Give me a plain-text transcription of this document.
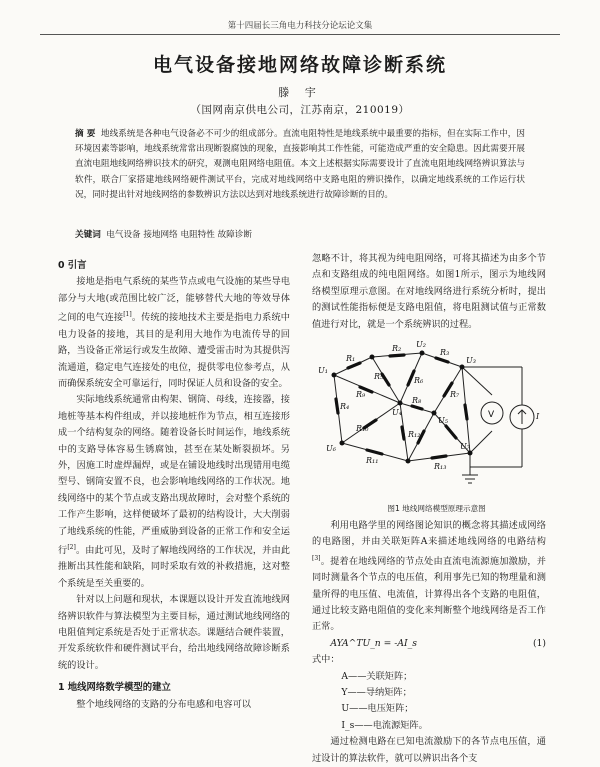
第十四届长三角电力科技分论坛论文集
电气设备接地网络故障诊断系统
滕 宇
（国网南京供电公司，江苏南京，210019）
摘 要 地线系统是各种电气设备必不可少的组成部分。直流电阻特性是地线系统中最重要的指标，但在实际工作中，因环境因素等影响，地线系统常常出现断裂腐蚀的现象，直接影响其工作性能，可能造成严重的安全隐患。因此需要开展直流电阻地线网络辨识技术的研究，观测电阻网络电阻值。本文上述根据实际需要设计了直流电阻地线网络辨识算法与软件，联合厂家搭建地线网络硬件测试平台，完成对地线网络中支路电阻的辨识操作，以确定地线系统的工作运行状况，同时提出针对地线网络的参数辨识方法以达到对地线系统进行故障诊断的目的。
关键词 电气设备 接地网络 电阻特性 故障诊断

0 引言

接地是指电气系统的某些节点或电气设施的某些导电部分与大地(或范围比较广泛，能够替代大地的等效导体之间的电气连接[1]。传统的接地技术主要是指电力系统中电力设备的接地，其目的是利用大地作为电流传导的回路，当设备正常运行或发生故障、遭受雷击时为其提供泻流通道，稳定电气连接处的电位，提供零电位参考点，从而确保系统安全可靠运行，同时保证人员和设备的安全。

实际地线系统通常由构架、钢筒、母线，连接器，接地桩等基本构件组成，并以接地桩作为节点，相互连接形成一个结构复杂的网络。随着设备长时间运作，地线系统中的支路导体容易生锈腐蚀，甚至在某处断裂损坏。另外，因施工时虚焊漏焊，或是在铺设地线时出现错用电缆型号、钢筒安置不良，也会影响地线网络的工作状况。地线网络中的某个节点或支路出现故障时，会对整个系统的工作产生影响，这样便破坏了最初的结构设计，大大削弱了地线系统的性能，严重威胁到设备的正常工作和安全运行[2]。由此可见，及时了解地线网络的工作状况，并由此推断出其性能和缺陷，同时采取有效的补救措施，这对整个系统是至关重要的。

针对以上问题和现状，本课题以设计开发直流地线网络辨识软件与算法模型为主要目标，通过测试地线网络的电阻值判定系统是否处于正常状态。课题结合硬件装置，开发系统软件和硬件测试平台，给出地线网络故障诊断系统的设计。

1 地线网络数学模型的建立

整个地线网络的支路的分布电感和电容可以

忽略不计，将其视为纯电阻网络，可将其描述为由多个节点和支路组成的纯电阻网络。如图1所示，图示为地线网络模型原理示意图。在对地线网络进行系统分析时，提出的测试性能指标便是支路电阻值，将电阻测试值与正常数值进行对比，就是一个系统辨识的过程。

U₁
U₂
U₃
U₄
U₅
U₆	U₇
R₁
R₂	R₃
R₄
R₅	R₆
R₇
R₈
R₉
R₁₀
R₁₁
R₁₂
R₁₃
I
V

图1 地线网络模型原理示意图

利用电路学里的网络图论知识的概念将其描述成网络的电路图，并由关联矩阵A来描述地线网络的电路结构[3]。提着在地线网络的节点处由直流电流源施加激励，并同时测量各个节点的电压值，利用事先已知的物理量和测量所得的电压值、电流值，计算得出各个支路的电阻值，通过比较支路电阻值的变化来判断整个地线网络是否工作正常。

AYA^TU_n = -AI_s	(1)

式中：

A——关联矩阵；

Y——导纳矩阵；

U——电压矩阵；

I_s——电流源矩阵。

通过检测电路在已知电流激励下的各节点电压值，通过设计的算法软件，就可以辨识出各个支
